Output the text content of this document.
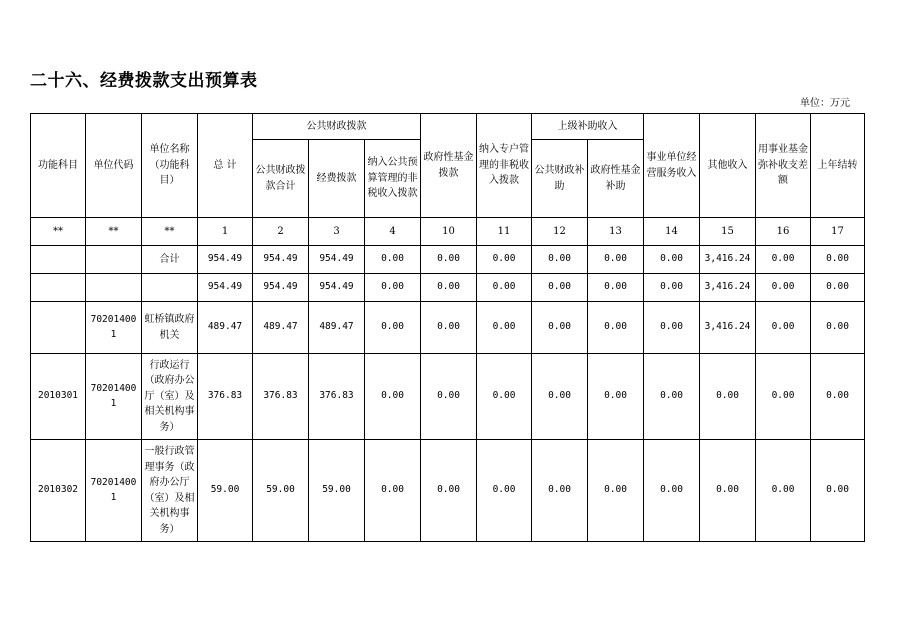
二十六、经费拨款支出预算表
单位：万元
功能科目	单位代码	单位名称（功能科目）	总 计	公共财政拨款			政府性基金拨款	纳入专户管理的非税收入拨款	上级补助收入		事业单位经营服务收入	其他收入	用事业基金弥补收支差额	上年结转
				公共财政拨款合计	经费拨款	纳入公共预算管理的非税收入拨款			公共财政补助	政府性基金补助				
**	**	**	1	2	3	4	10	11	12	13	14	15	16	17
		合计	954.49	954.49	954.49	0.00	0.00	0.00	0.00	0.00	0.00	3,416.24	0.00	0.00
			954.49	954.49	954.49	0.00	0.00	0.00	0.00	0.00	0.00	3,416.24	0.00	0.00
	702014001	虹桥镇政府机关	489.47	489.47	489.47	0.00	0.00	0.00	0.00	0.00	0.00	3,416.24	0.00	0.00
2010301	702014001	行政运行（政府办公厅（室）及相关机构事务）	376.83	376.83	376.83	0.00	0.00	0.00	0.00	0.00	0.00	0.00	0.00	0.00
2010302	702014001	一般行政管理事务（政府办公厅（室）及相关机构事务）	59.00	59.00	59.00	0.00	0.00	0.00	0.00	0.00	0.00	0.00	0.00	0.00
